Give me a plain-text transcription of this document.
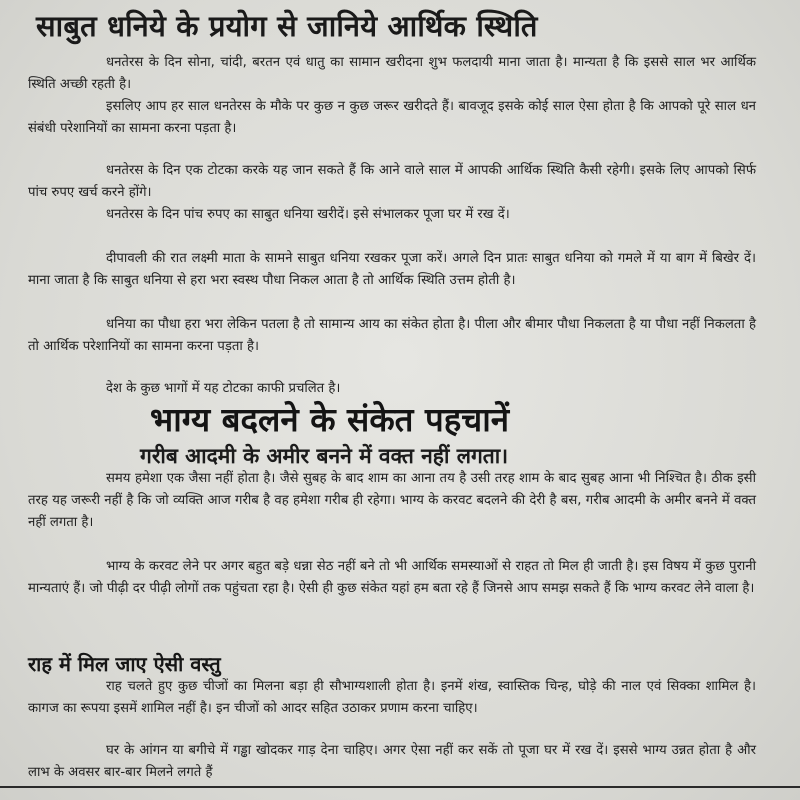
साबुत धनिये के प्रयोग से जानिये आर्थिक स्थिति

धनतेरस के दिन सोना, चांदी, बरतन एवं धातु का सामान खरीदना शुभ फलदायी माना जाता है। मान्यता है कि इससे साल भर आर्थिक स्थिति अच्छी रहती है।

इसलिए आप हर साल धनतेरस के मौके पर कुछ न कुछ जरूर खरीदते हैं। बावजूद इसके कोई साल ऐसा होता है कि आपको पूरे साल धन संबंधी परेशानियों का सामना करना पड़ता है।

धनतेरस के दिन एक टोटका करके यह जान सकते हैं कि आने वाले साल में आपकी आर्थिक स्थिति कैसी रहेगी। इसके लिए आपको सिर्फ पांच रुपए खर्च करने होंगे।

धनतेरस के दिन पांच रुपए का साबुत धनिया खरीदें। इसे संभालकर पूजा घर में रख दें।

दीपावली की रात लक्ष्मी माता के सामने साबुत धनिया रखकर पूजा करें। अगले दिन प्रातः साबुत धनिया को गमले में या बाग में बिखेर दें। माना जाता है कि साबुत धनिया से हरा भरा स्वस्थ पौधा निकल आता है तो आर्थिक स्थिति उत्तम होती है।

धनिया का पौधा हरा भरा लेकिन पतला है तो सामान्य आय का संकेत होता है। पीला और बीमार पौधा निकलता है या पौधा नहीं निकलता है तो आर्थिक परेशानियों का सामना करना पड़ता है।

देश के कुछ भागों में यह टोटका काफी प्रचलित है।

भाग्य बदलने के संकेत पहचानें
गरीब आदमी के अमीर बनने में वक्त नहीं लगता।

समय हमेशा एक जैसा नहीं होता है। जैसे सुबह के बाद शाम का आना तय है उसी तरह शाम के बाद सुबह आना भी निश्चित है। ठीक इसी तरह यह जरूरी नहीं है कि जो व्यक्ति आज गरीब है वह हमेशा गरीब ही रहेगा। भाग्य के करवट बदलने की देरी है बस, गरीब आदमी के अमीर बनने में वक्त नहीं लगता है।

भाग्य के करवट लेने पर अगर बहुत बड़े धन्ना सेठ नहीं बने तो भी आर्थिक समस्याओं से राहत तो मिल ही जाती है। इस विषय में कुछ पुरानी मान्यताएं हैं। जो पीढ़ी दर पीढ़ी लोगों तक पहुंचता रहा है। ऐसी ही कुछ संकेत यहां हम बता रहे हैं जिनसे आप समझ सकते हैं कि भाग्य करवट लेने वाला है।

राह में मिल जाए ऐसी वस्तु

राह चलते हुए कुछ चीजों का मिलना बड़ा ही सौभाग्यशाली होता है। इनमें शंख, स्वास्तिक चिन्ह, घोड़े की नाल एवं सिक्का शामिल है। कागज का रूपया इसमें शामिल नहीं है। इन चीजों को आदर सहित उठाकर प्रणाम करना चाहिए।

घर के आंगन या बगीचे में गड्ढा खोदकर गाड़ देना चाहिए। अगर ऐसा नहीं कर सकें तो पूजा घर में रख दें। इससे भाग्य उन्नत होता है और लाभ के अवसर बार-बार मिलने लगते हैं
